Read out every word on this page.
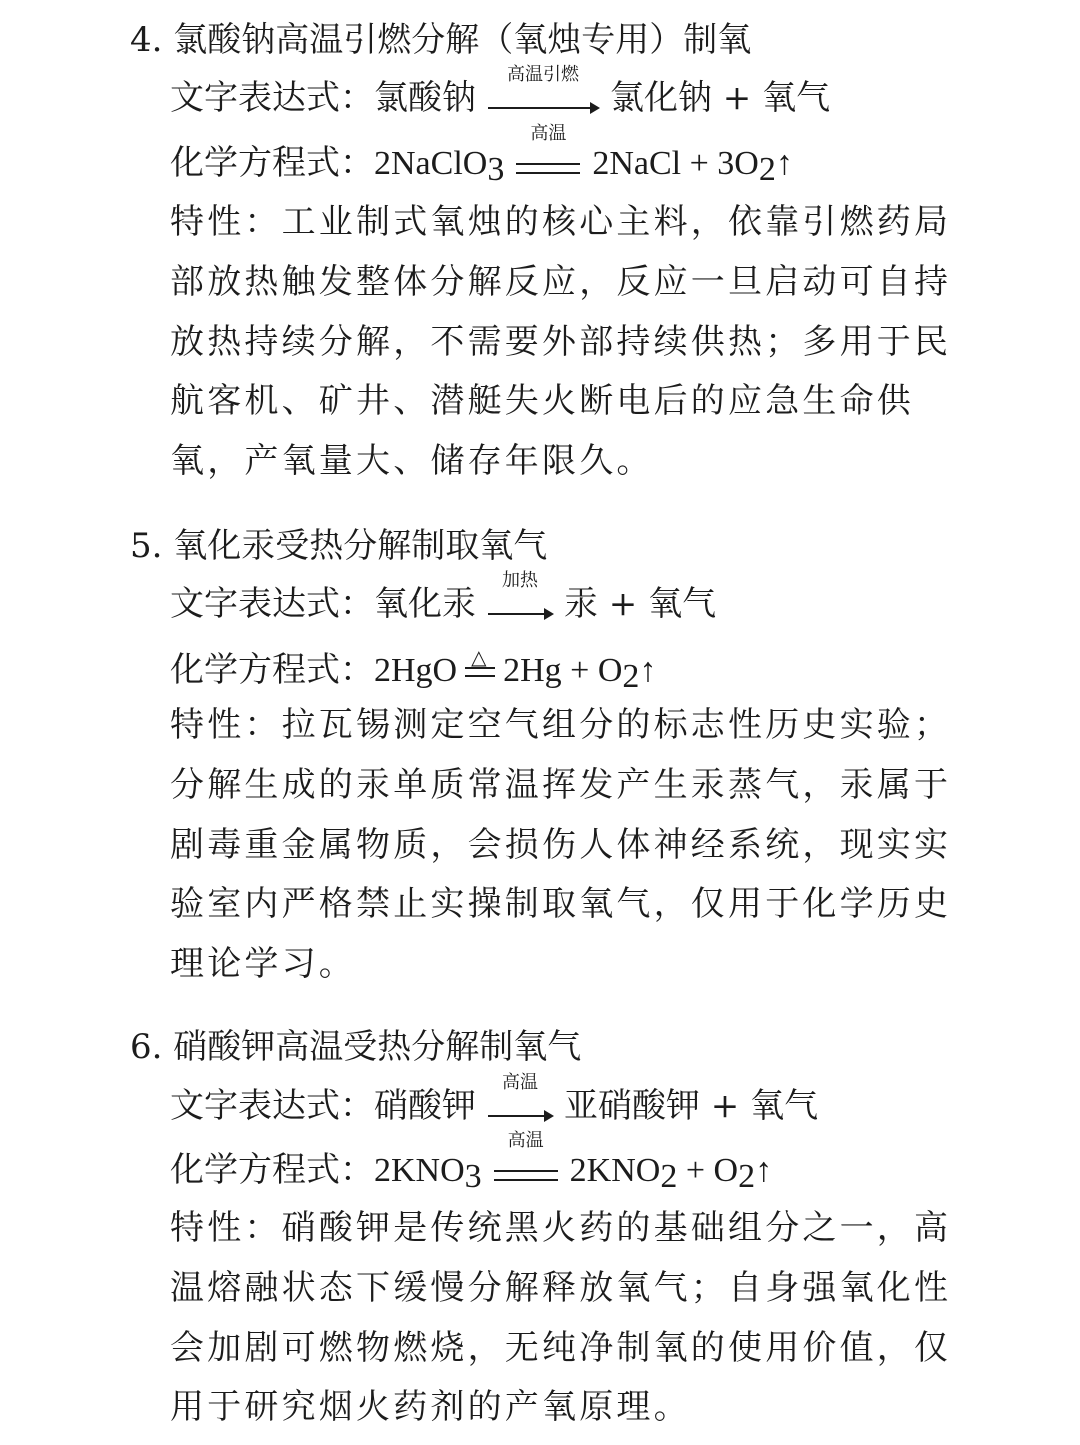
4. 氯酸钠高温引燃分解（氧烛专用）制氧
文字表达式：氯酸钠
高温引燃
氯化钠 + 氧气
化学方程式：2NaClO3
高温
2NaCl + 3O2↑
特性：工业制式氧烛的核心主料，依靠引燃药局
部放热触发整体分解反应，反应一旦启动可自持
放热持续分解，不需要外部持续供热；多用于民
航客机、矿井、潜艇失火断电后的应急生命供
氧，产氧量大、储存年限久。
5. 氧化汞受热分解制取氧气
文字表达式：氧化汞
加热
汞 + 氧气
化学方程式：2HgO △ 2Hg + O2↑
特性：拉瓦锡测定空气组分的标志性历史实验；
分解生成的汞单质常温挥发产生汞蒸气，汞属于
剧毒重金属物质，会损伤人体神经系统，现实实
验室内严格禁止实操制取氧气，仅用于化学历史
理论学习。
6. 硝酸钾高温受热分解制氧气
文字表达式：硝酸钾
高温
亚硝酸钾 + 氧气
化学方程式：2KNO3
高温
2KNO2 + O2↑
特性：硝酸钾是传统黑火药的基础组分之一，高
温熔融状态下缓慢分解释放氧气；自身强氧化性
会加剧可燃物燃烧，无纯净制氧的使用价值，仅
用于研究烟火药剂的产氧原理。
